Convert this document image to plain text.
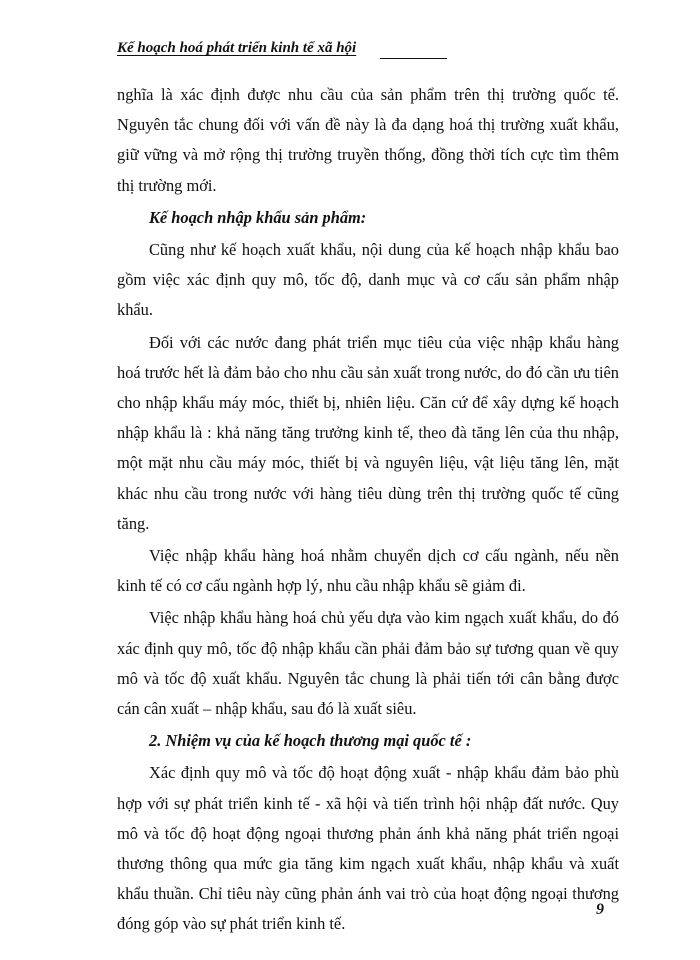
Kế hoạch hoá phát triển kinh tế xã hội

nghĩa là xác định được nhu cầu của sản phẩm trên thị trường quốc tế. Nguyên tắc chung đối với vấn đề này là đa dạng hoá thị trường xuất khẩu, giữ vững và mở rộng thị trường truyền thống, đồng thời tích cực tìm thêm thị trường mới.

Kế hoạch nhập khẩu sản phẩm:

Cũng như kế hoạch xuất khẩu, nội dung của kế hoạch nhập khẩu bao gồm việc xác định quy mô, tốc độ, danh mục và cơ cấu sản phẩm nhập khẩu.

Đối với các nước đang phát triển mục tiêu của việc nhập khẩu hàng hoá trước hết là đảm bảo cho nhu cầu sản xuất trong nước, do đó cần ưu tiên cho nhập khẩu máy móc, thiết bị, nhiên liệu. Căn cứ để xây dựng kế hoạch nhập khẩu là : khả năng tăng trưởng kinh tế, theo đà tăng lên của thu nhập, một mặt nhu cầu máy móc, thiết bị và nguyên liệu, vật liệu tăng lên, mặt khác nhu cầu trong nước với hàng tiêu dùng trên thị trường quốc tế cũng tăng.

Việc nhập khẩu hàng hoá nhằm chuyển dịch cơ cấu ngành, nếu nền kinh tế có cơ cấu ngành hợp lý, nhu cầu nhập khẩu sẽ giảm đi.

Việc nhập khẩu hàng hoá chủ yếu dựa vào kim ngạch xuất khẩu, do đó xác định quy mô, tốc độ nhập khẩu cần phải đảm bảo sự tương quan về quy mô và tốc độ xuất khẩu. Nguyên tắc chung là phải tiến tới cân bằng được cán cân xuất – nhập khẩu, sau đó là xuất siêu.

2. Nhiệm vụ của kế hoạch thương mại quốc tế :

Xác định quy mô và tốc độ hoạt động xuất - nhập khẩu đảm bảo phù hợp với sự phát triển kinh tế - xã hội và tiến trình hội nhập đất nước. Quy mô và tốc độ hoạt động ngoại thương phản ánh khả năng phát triển ngoại thương thông qua mức gia tăng kim ngạch xuất khẩu, nhập khẩu và xuất khẩu thuần. Chỉ tiêu này cũng phản ánh vai trò của hoạt động ngoại thương đóng góp vào sự phát triển kinh tế.

9
